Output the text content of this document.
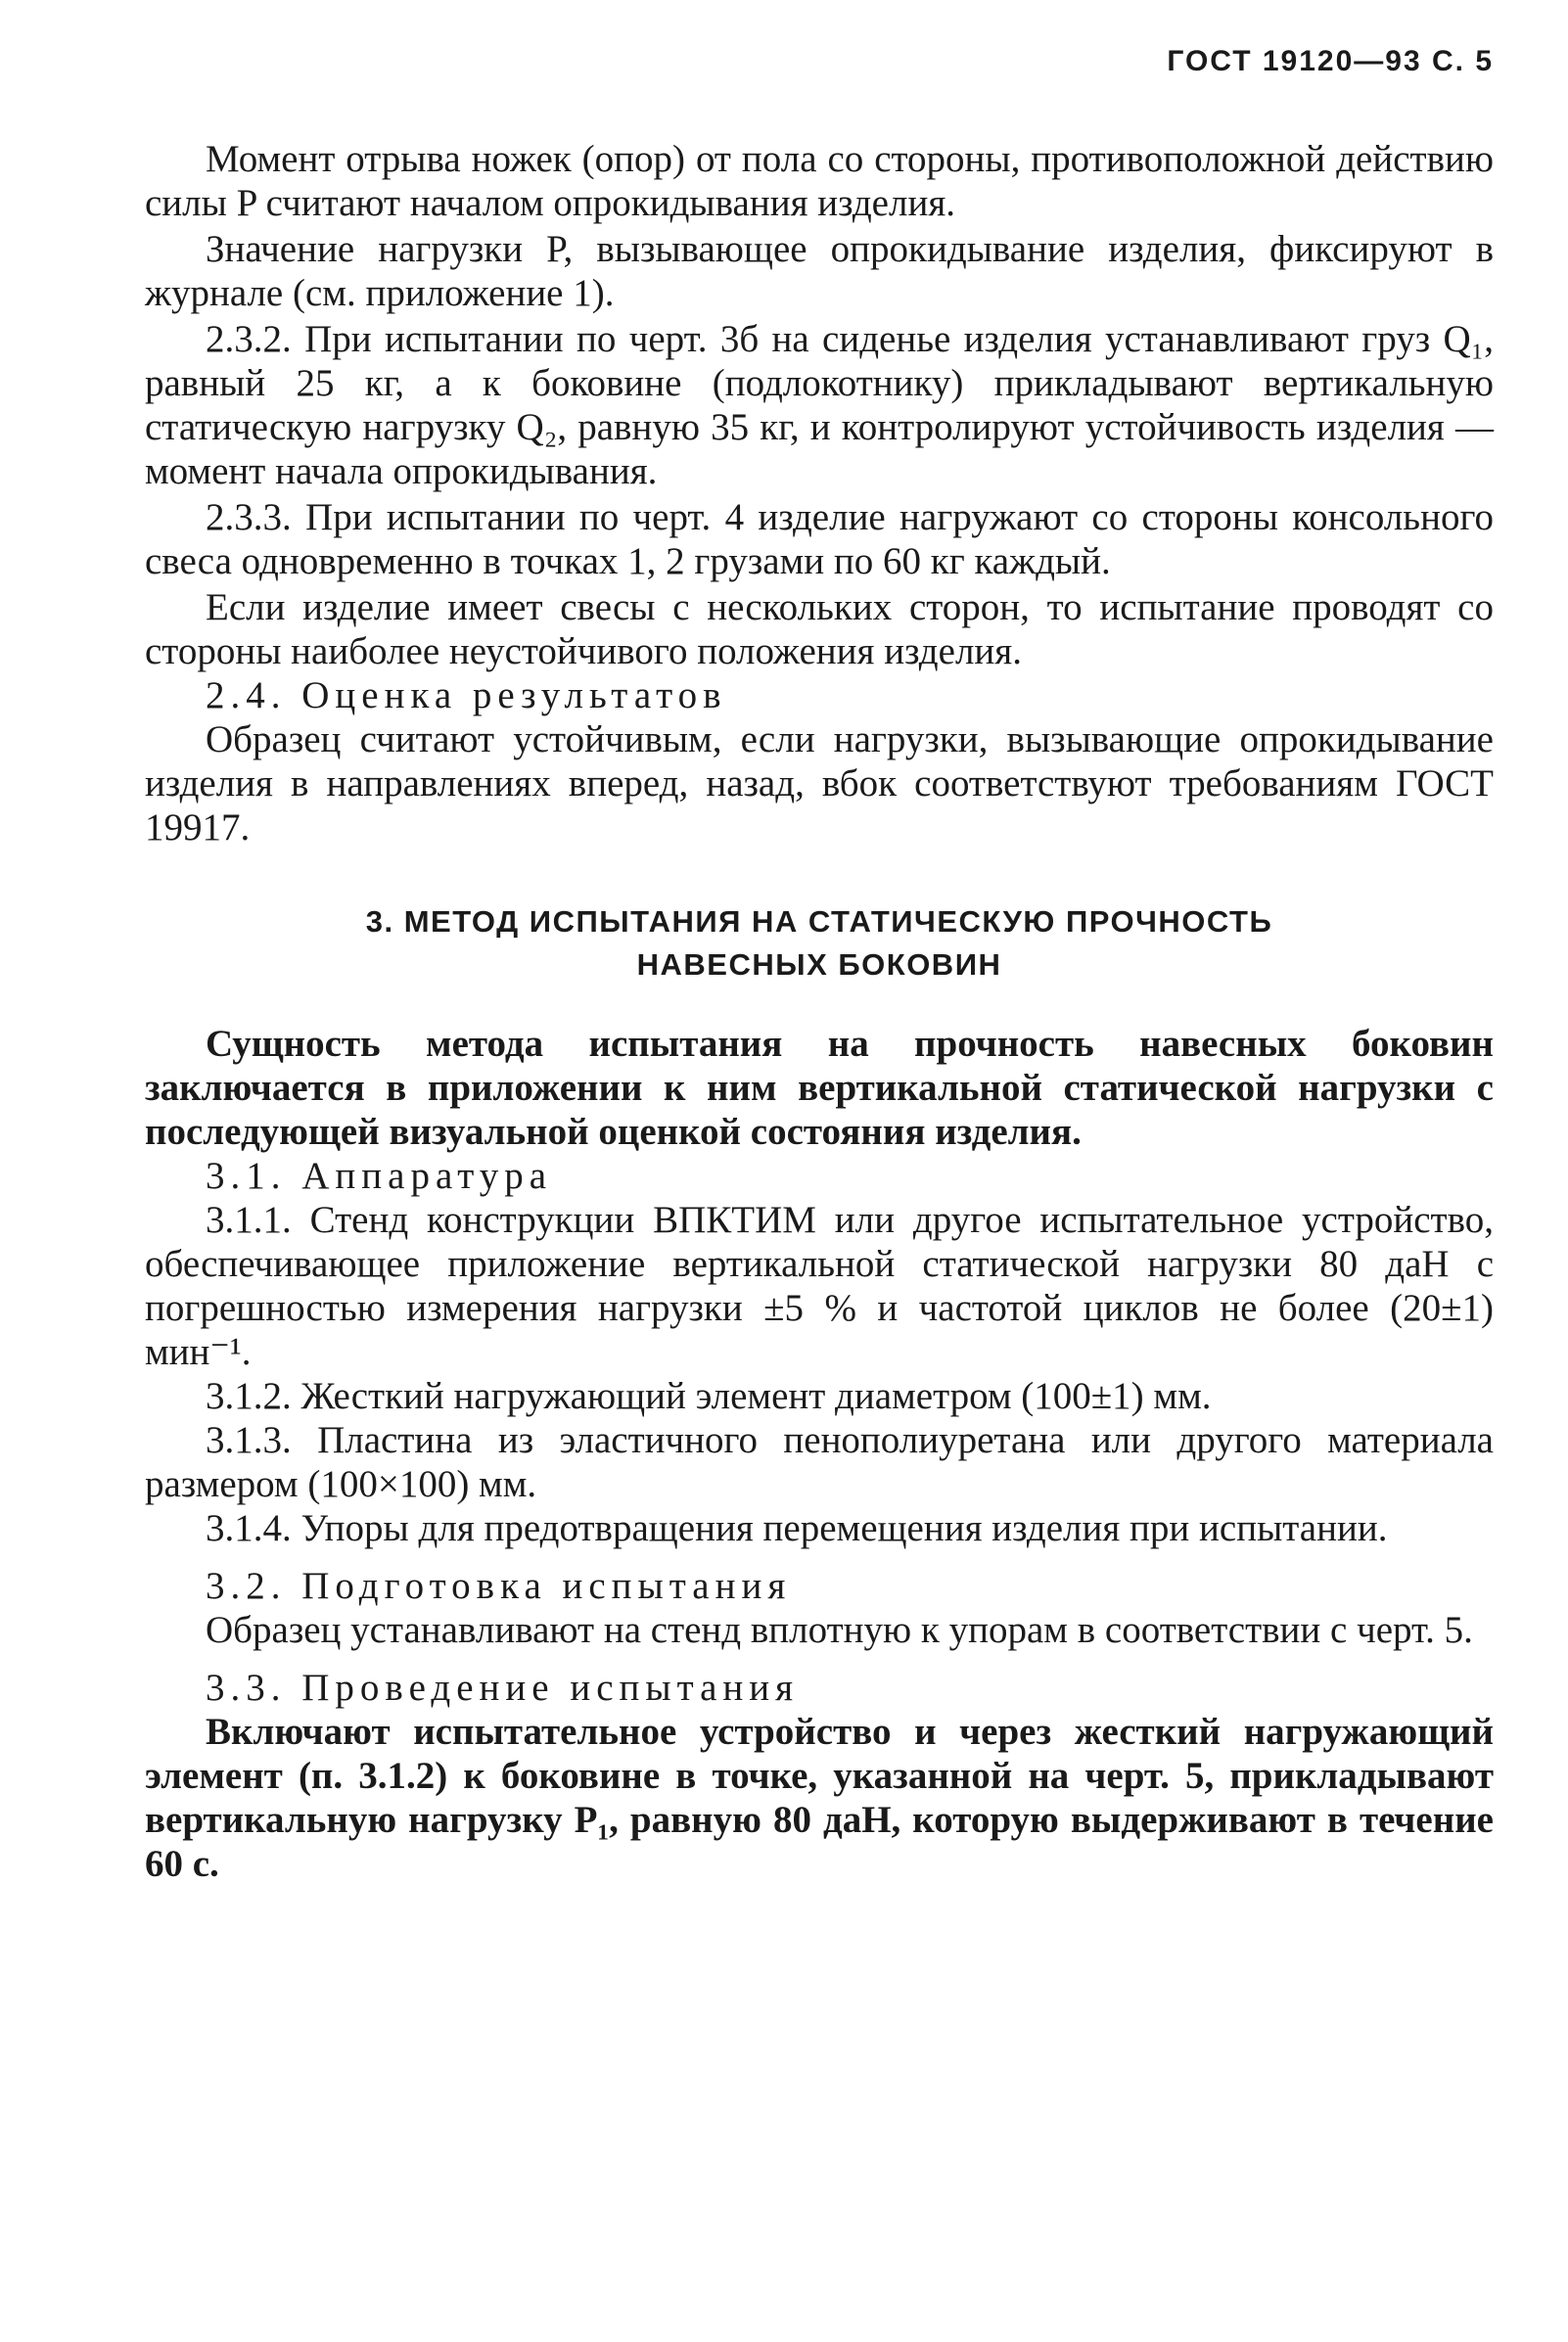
ГОСТ 19120—93 С. 5

Момент отрыва ножек (опор) от пола со стороны, противоположной действию силы P считают началом опрокидывания изделия.

Значение нагрузки P, вызывающее опрокидывание изделия, фиксируют в журнале (см. приложение 1).

2.3.2. При испытании по черт. 3б на сиденье изделия устанавливают груз Q₁, равный 25 кг, а к боковине (подлокотнику) прикладывают вертикальную статическую нагрузку Q₂, равную 35 кг, и контролируют устойчивость изделия — момент начала опрокидывания.

2.3.3. При испытании по черт. 4 изделие нагружают со стороны консольного свеса одновременно в точках 1, 2 грузами по 60 кг каждый.

Если изделие имеет свесы с нескольких сторон, то испытание проводят со стороны наиболее неустойчивого положения изделия.

2.4. Оценка результатов

Образец считают устойчивым, если нагрузки, вызывающие опрокидывание изделия в направлениях вперед, назад, вбок соответствуют требованиям ГОСТ 19917.

3. МЕТОД ИСПЫТАНИЯ НА СТАТИЧЕСКУЮ ПРОЧНОСТЬ
НАВЕСНЫХ БОКОВИН

Сущность метода испытания на прочность навесных боковин заключается в приложении к ним вертикальной статической нагрузки с последующей визуальной оценкой состояния изделия.

3.1. Аппаратура

3.1.1. Стенд конструкции ВПКТИМ или другое испытательное устройство, обеспечивающее приложение вертикальной статической нагрузки 80 даН с погрешностью измерения нагрузки ±5 % и частотой циклов не более (20±1) мин⁻¹.

3.1.2. Жесткий нагружающий элемент диаметром (100±1) мм.

3.1.3. Пластина из эластичного пенополиуретана или другого материала размером (100×100) мм.

3.1.4. Упоры для предотвращения перемещения изделия при испытании.

3.2. Подготовка испытания

Образец устанавливают на стенд вплотную к упорам в соответствии с черт. 5.

3.3. Проведение испытания

Включают испытательное устройство и через жесткий нагружающий элемент (п. 3.1.2) к боковине в точке, указанной на черт. 5, прикладывают вертикальную нагрузку P₁, равную 80 даН, которую выдерживают в течение 60 с.
